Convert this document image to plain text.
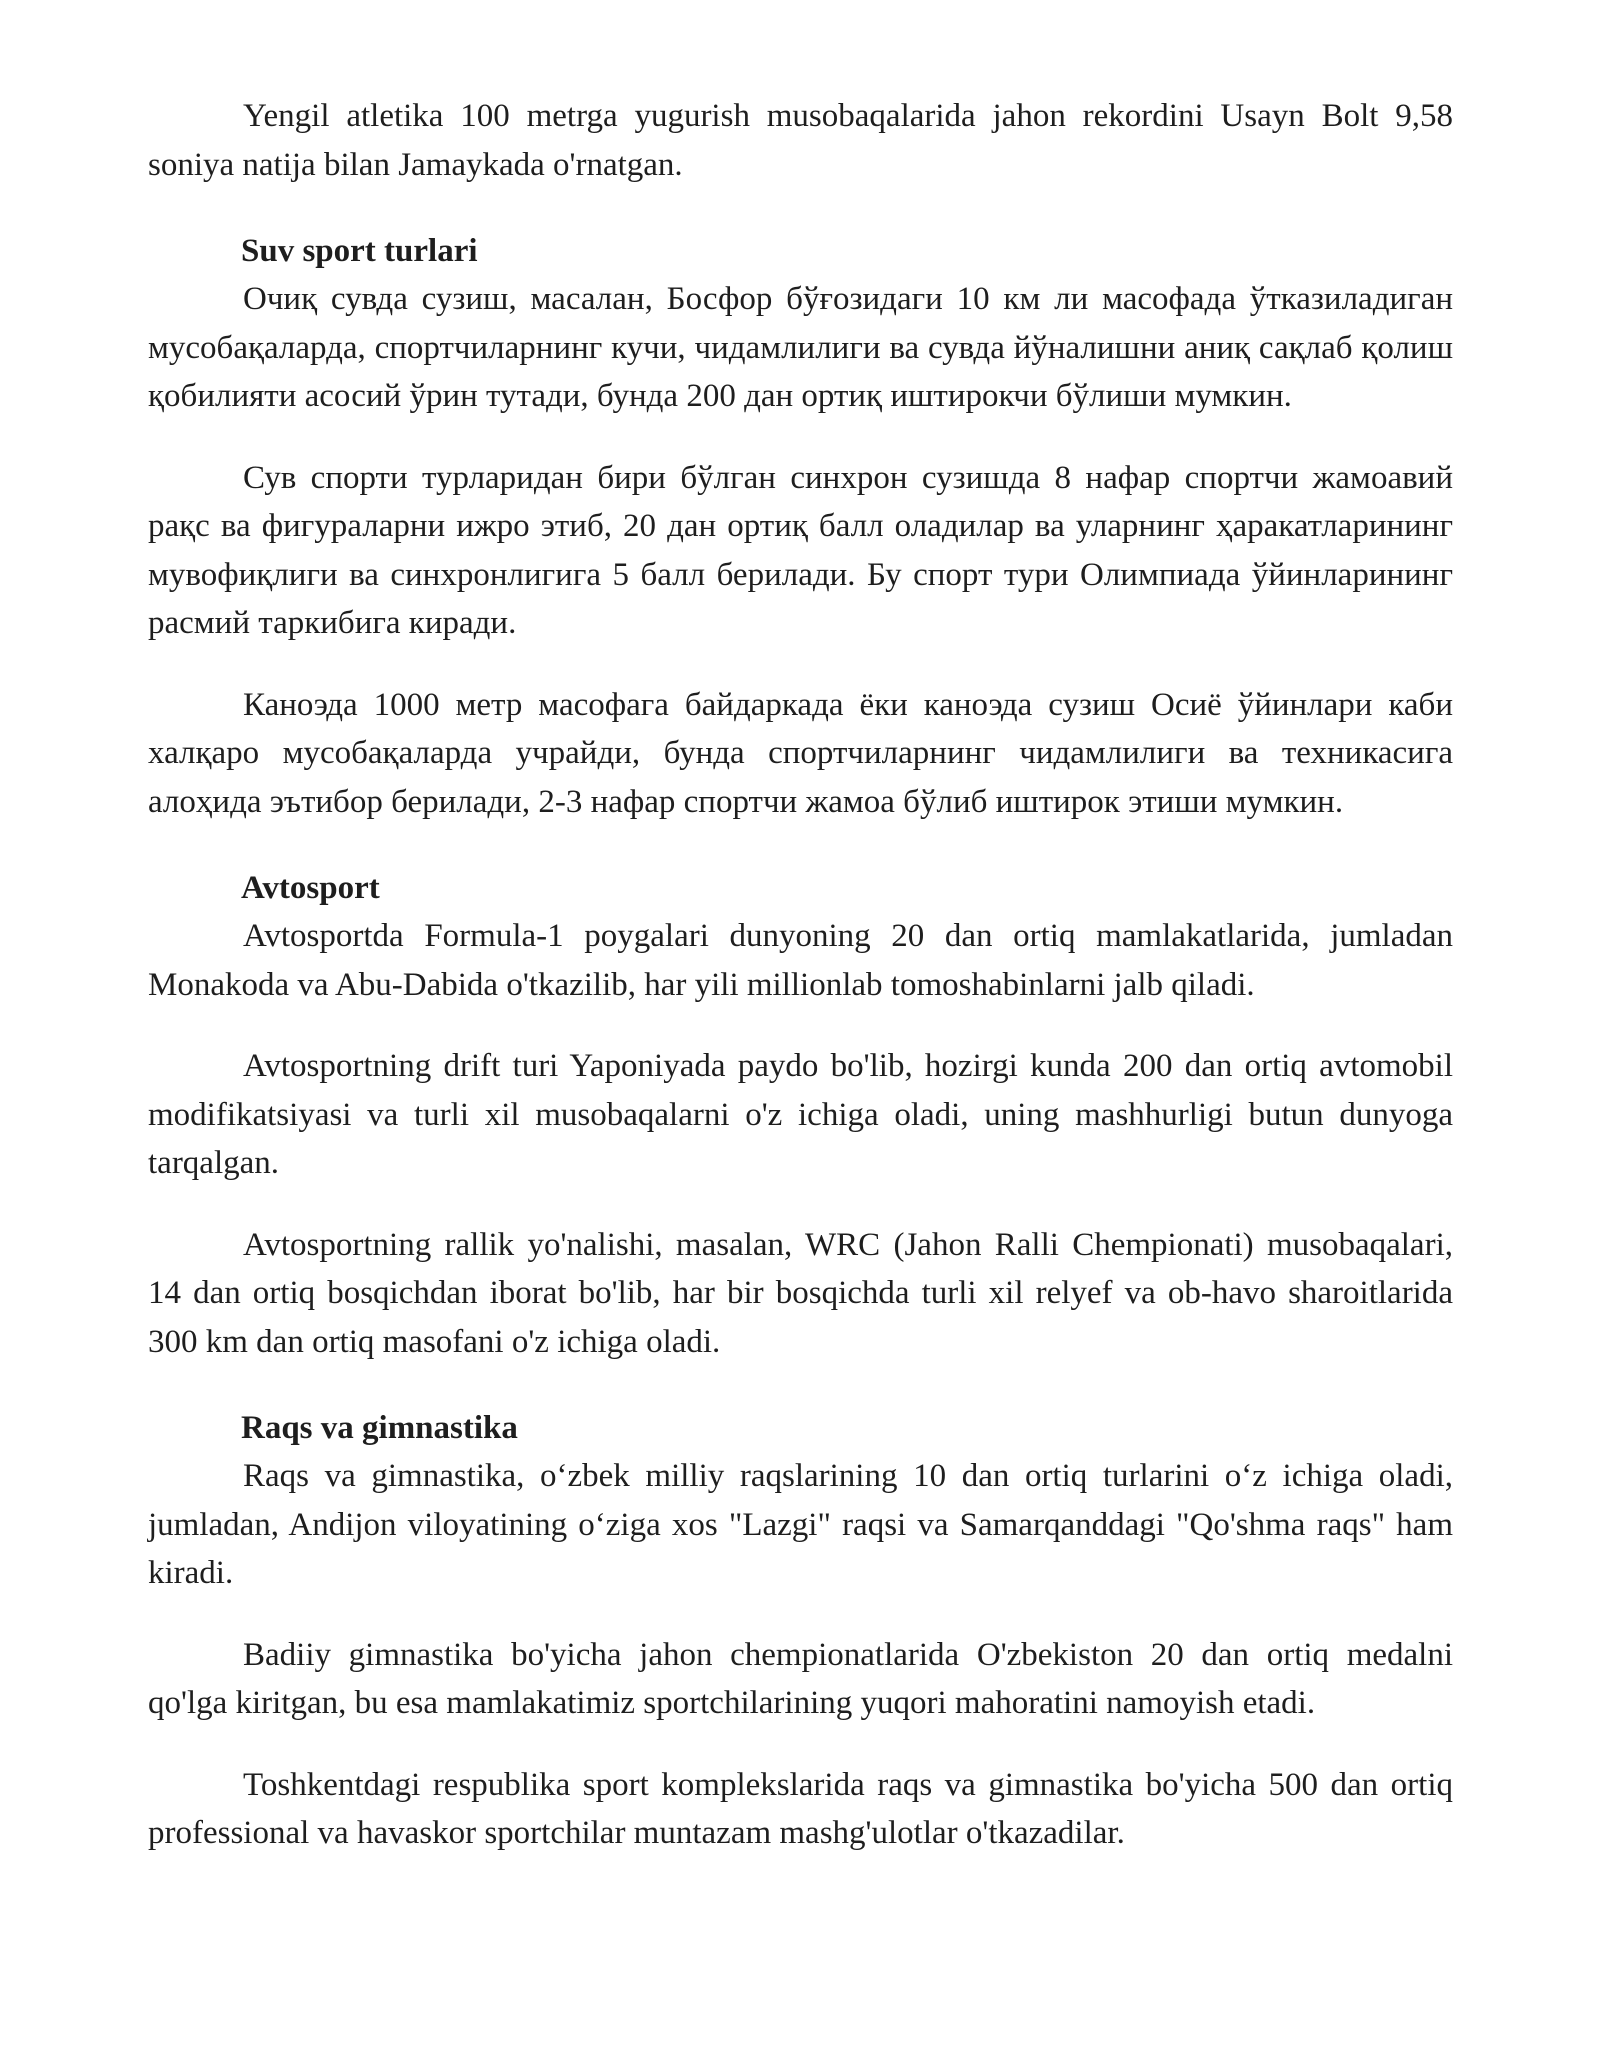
Yengil atletika 100 metrga yugurish musobaqalarida jahon rekordini Usayn Bolt 9,58 soniya natija bilan Jamaykada o'rnatgan.

Suv sport turlari

Очиқ сувда сузиш, масалан, Босфор бўғозидаги 10 км ли масофада ўтказиладиган мусобақаларда, спортчиларнинг кучи, чидамлилиги ва сувда йўналишни аниқ сақлаб қолиш қобилияти асосий ўрин тутади, бунда 200 дан ортиқ иштирокчи бўлиши мумкин.

Сув спорти турларидан бири бўлган синхрон сузишда 8 нафар спортчи жамоавий рақс ва фигураларни ижро этиб, 20 дан ортиқ балл оладилар ва уларнинг ҳаракатларининг мувофиқлиги ва синхронлигига 5 балл берилади. Бу спорт тури Олимпиада ўйинларининг расмий таркибига киради.

Каноэда 1000 метр масофага байдаркада ёки каноэда сузиш Осиё ўйинлари каби халқаро мусобақаларда учрайди, бунда спортчиларнинг чидамлилиги ва техникасига алоҳида эътибор берилади, 2-3 нафар спортчи жамоа бўлиб иштирок этиши мумкин.

Avtosport

Avtosportda Formula-1 poygalari dunyoning 20 dan ortiq mamlakatlarida, jumladan Monakoda va Abu-Dabida o'tkazilib, har yili millionlab tomoshabinlarni jalb qiladi.

Avtosportning drift turi Yaponiyada paydo bo'lib, hozirgi kunda 200 dan ortiq avtomobil modifikatsiyasi va turli xil musobaqalarni o'z ichiga oladi, uning mashhurligi butun dunyoga tarqalgan.

Avtosportning rallik yo'nalishi, masalan, WRC (Jahon Ralli Chempionati) musobaqalari, 14 dan ortiq bosqichdan iborat bo'lib, har bir bosqichda turli xil relyef va ob-havo sharoitlarida 300 km dan ortiq masofani o'z ichiga oladi.

Raqs va gimnastika

Raqs va gimnastika, oʻzbek milliy raqslarining 10 dan ortiq turlarini oʻz ichiga oladi, jumladan, Andijon viloyatining oʻziga xos "Lazgi" raqsi va Samarqanddagi "Qo'shma raqs" ham kiradi.

Badiiy gimnastika bo'yicha jahon chempionatlarida O'zbekiston 20 dan ortiq medalni qo'lga kiritgan, bu esa mamlakatimiz sportchilarining yuqori mahoratini namoyish etadi.

Toshkentdagi respublika sport komplekslarida raqs va gimnastika bo'yicha 500 dan ortiq professional va havaskor sportchilar muntazam mashg'ulotlar o'tkazadilar.
